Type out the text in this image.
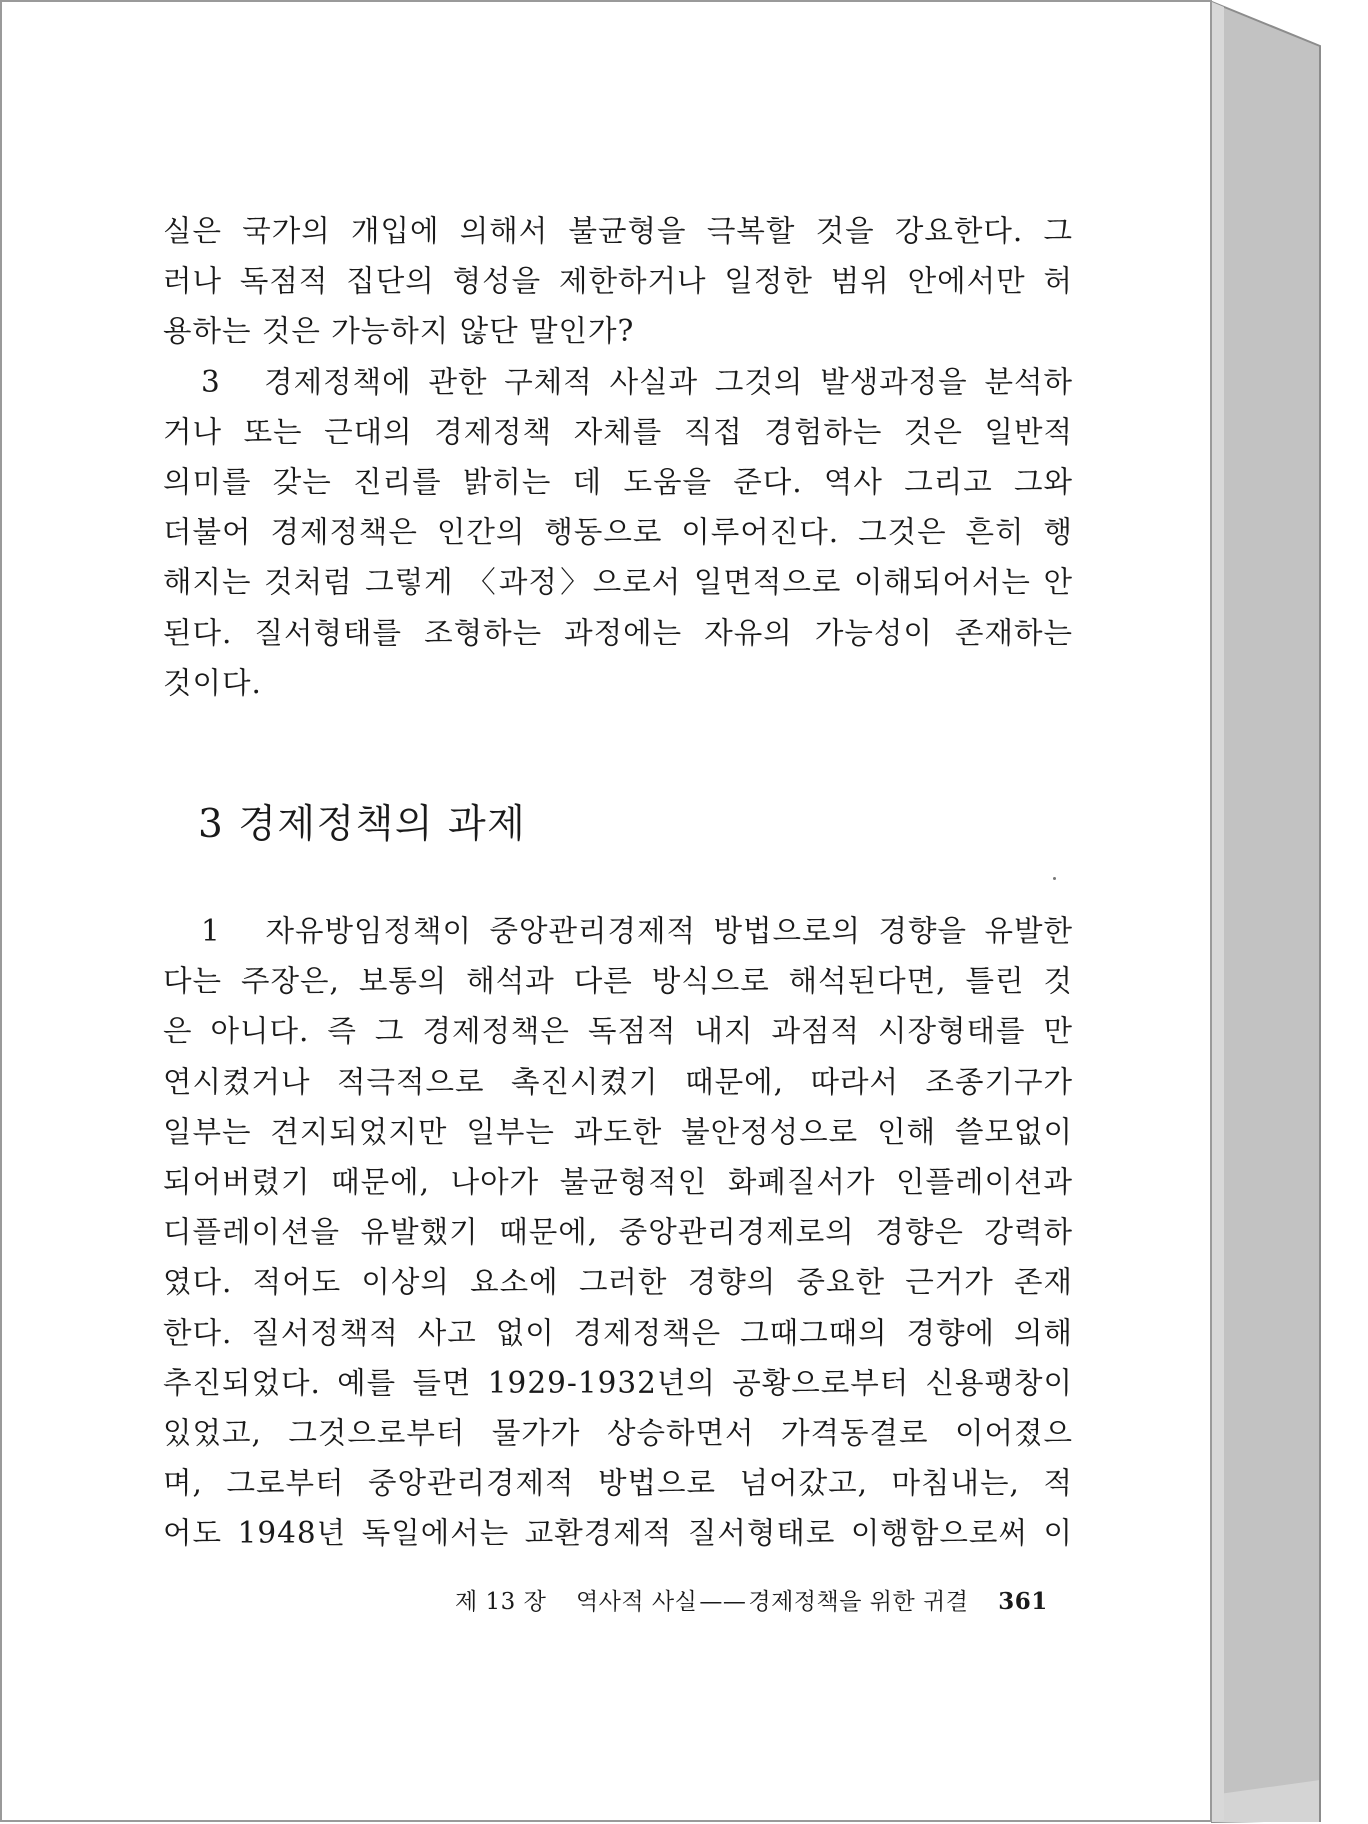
실은 국가의 개입에 의해서 불균형을 극복할 것을 강요한다. 그
러나 독점적 집단의 형성을 제한하거나 일정한 범위 안에서만 허
용하는 것은 가능하지 않단 말인가?
3　경제정책에 관한 구체적 사실과 그것의 발생과정을 분석하
거나 또는 근대의 경제정책 자체를 직접 경험하는 것은 일반적
의미를 갖는 진리를 밝히는 데 도움을 준다. 역사 그리고 그와
더불어 경제정책은 인간의 행동으로 이루어진다. 그것은 흔히 행
해지는 것처럼 그렇게 〈과정〉으로서 일면적으로 이해되어서는 안
된다. 질서형태를 조형하는 과정에는 자유의 가능성이 존재하는
것이다.
3 경제정책의 과제
1　자유방임정책이 중앙관리경제적 방법으로의 경향을 유발한
다는 주장은, 보통의 해석과 다른 방식으로 해석된다면, 틀린 것
은 아니다. 즉 그 경제정책은 독점적 내지 과점적 시장형태를 만
연시켰거나 적극적으로 촉진시켰기 때문에, 따라서 조종기구가
일부는 견지되었지만 일부는 과도한 불안정성으로 인해 쓸모없이
되어버렸기 때문에, 나아가 불균형적인 화폐질서가 인플레이션과
디플레이션을 유발했기 때문에, 중앙관리경제로의 경향은 강력하
였다. 적어도 이상의 요소에 그러한 경향의 중요한 근거가 존재
한다. 질서정책적 사고 없이 경제정책은 그때그때의 경향에 의해
추진되었다. 예를 들면 1929-1932년의 공황으로부터 신용팽창이
있었고, 그것으로부터 물가가 상승하면서 가격동결로 이어졌으
며, 그로부터 중앙관리경제적 방법으로 넘어갔고, 마침내는, 적
어도 1948년 독일에서는 교환경제적 질서형태로 이행함으로써 이
제 13 장 역사적 사실——경제정책을 위한 귀결 361
